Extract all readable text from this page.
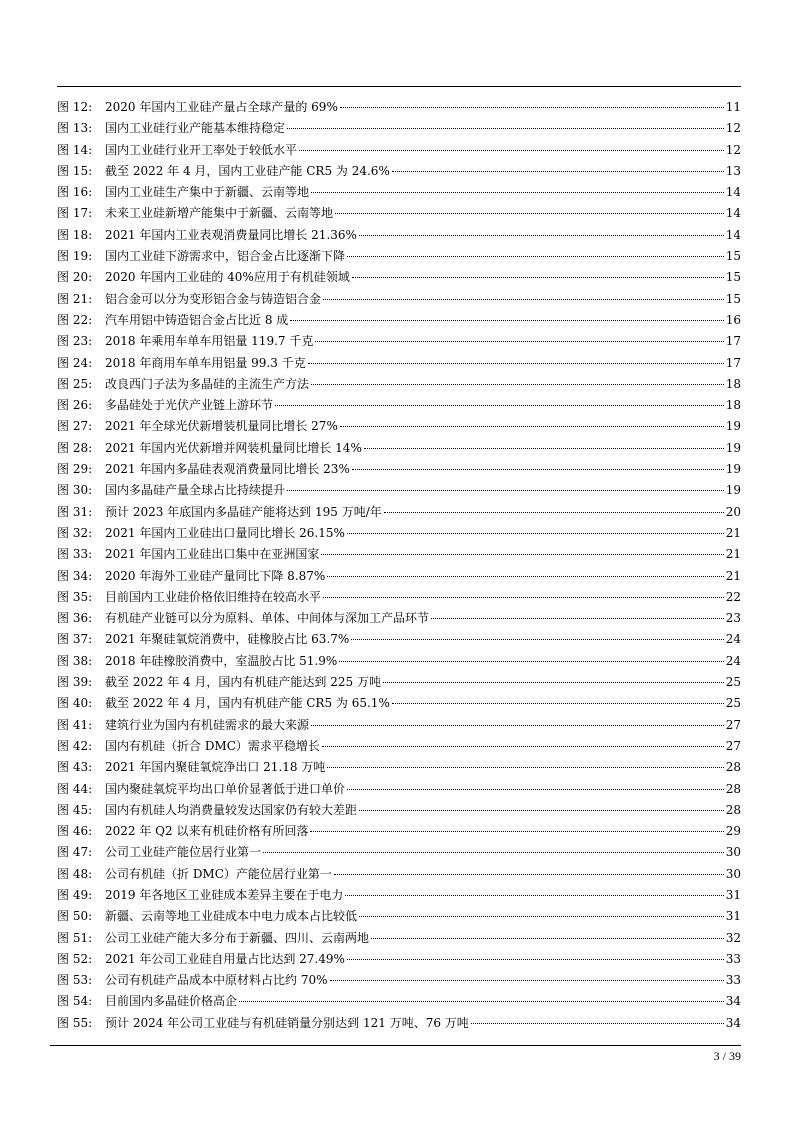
图 12:	2020 年国内工业硅产量占全球产量的 69%	11
图 13:	国内工业硅行业产能基本维持稳定	12
图 14:	国内工业硅行业开工率处于较低水平	12
图 15:	截至 2022 年 4 月，国内工业硅产能 CR5 为 24.6%	13
图 16:	国内工业硅生产集中于新疆、云南等地	14
图 17:	未来工业硅新增产能集中于新疆、云南等地	14
图 18:	2021 年国内工业表观消费量同比增长 21.36%	14
图 19:	国内工业硅下游需求中，铝合金占比逐渐下降	15
图 20:	2020 年国内工业硅的 40%应用于有机硅领域	15
图 21:	铝合金可以分为变形铝合金与铸造铝合金	15
图 22:	汽车用铝中铸造铝合金占比近 8 成	16
图 23:	2018 年乘用车单车用铝量 119.7 千克	17
图 24:	2018 年商用车单车用铝量 99.3 千克	17
图 25:	改良西门子法为多晶硅的主流生产方法	18
图 26:	多晶硅处于光伏产业链上游环节	18
图 27:	2021 年全球光伏新增装机量同比增长 27%	19
图 28:	2021 年国内光伏新增并网装机量同比增长 14%	19
图 29:	2021 年国内多晶硅表观消费量同比增长 23%	19
图 30:	国内多晶硅产量全球占比持续提升	19
图 31:	预计 2023 年底国内多晶硅产能将达到 195 万吨/年	20
图 32:	2021 年国内工业硅出口量同比增长 26.15%	21
图 33:	2021 年国内工业硅出口集中在亚洲国家	21
图 34:	2020 年海外工业硅产量同比下降 8.87%	21
图 35:	目前国内工业硅价格依旧维持在较高水平	22
图 36:	有机硅产业链可以分为原料、单体、中间体与深加工产品环节	23
图 37:	2021 年聚硅氧烷消费中，硅橡胶占比 63.7%	24
图 38:	2018 年硅橡胶消费中，室温胶占比 51.9%	24
图 39:	截至 2022 年 4 月，国内有机硅产能达到 225 万吨	25
图 40:	截至 2022 年 4 月，国内有机硅产能 CR5 为 65.1%	25
图 41:	建筑行业为国内有机硅需求的最大来源	27
图 42:	国内有机硅（折合 DMC）需求平稳增长	27
图 43:	2021 年国内聚硅氧烷净出口 21.18 万吨	28
图 44:	国内聚硅氧烷平均出口单价显著低于进口单价	28
图 45:	国内有机硅人均消费量较发达国家仍有较大差距	28
图 46:	2022 年 Q2 以来有机硅价格有所回落	29
图 47:	公司工业硅产能位居行业第一	30
图 48:	公司有机硅（折 DMC）产能位居行业第一	30
图 49:	2019 年各地区工业硅成本差异主要在于电力	31
图 50:	新疆、云南等地工业硅成本中电力成本占比较低	31
图 51:	公司工业硅产能大多分布于新疆、四川、云南两地	32
图 52:	2021 年公司工业硅自用量占比达到 27.49%	33
图 53:	公司有机硅产品成本中原材料占比约 70%	33
图 54:	目前国内多晶硅价格高企	34
图 55:	预计 2024 年公司工业硅与有机硅销量分别达到 121 万吨、76 万吨	34
3 / 39
